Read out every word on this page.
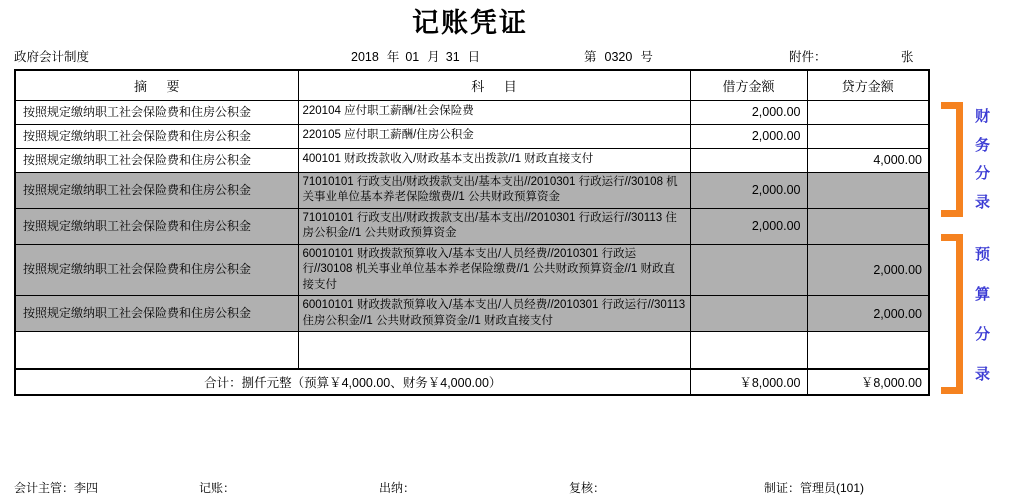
记账凭证
政府会计制度	2018 年 01 月 31 日	第 0320 号	附件：	张
摘 要	科 目	借方金额	贷方金额
按照规定缴纳职工社会保险费和住房公积金	220104 应付职工薪酬/社会保险费	2,000.00	
按照规定缴纳职工社会保险费和住房公积金	220105 应付职工薪酬/住房公积金	2,000.00	
按照规定缴纳职工社会保险费和住房公积金	400101 财政拨款收入/财政基本支出拨款//1 财政直接支付		4,000.00
按照规定缴纳职工社会保险费和住房公积金	71010101 行政支出/财政拨款支出/基本支出//2010301 行政运行//30108 机关事业单位基本养老保险缴费//1 公共财政预算资金	2,000.00	
按照规定缴纳职工社会保险费和住房公积金	71010101 行政支出/财政拨款支出/基本支出//2010301 行政运行//30113 住房公积金//1 公共财政预算资金	2,000.00	
按照规定缴纳职工社会保险费和住房公积金	60010101 财政拨款预算收入/基本支出/人员经费//2010301 行政运行//30108 机关事业单位基本养老保险缴费//1 公共财政预算资金//1 财政直接支付		2,000.00
按照规定缴纳职工社会保险费和住房公积金	60010101 财政拨款预算收入/基本支出/人员经费//2010301 行政运行//30113 住房公积金//1 公共财政预算资金//1 财政直接支付		2,000.00

合计：捌仟元整（预算￥4,000.00、财务￥4,000.00）		￥8,000.00	￥8,000.00
会计主管：李四	记账：	出纳：	复核：	制证：管理员(101)
财
务
分
录
预
算
分
录
